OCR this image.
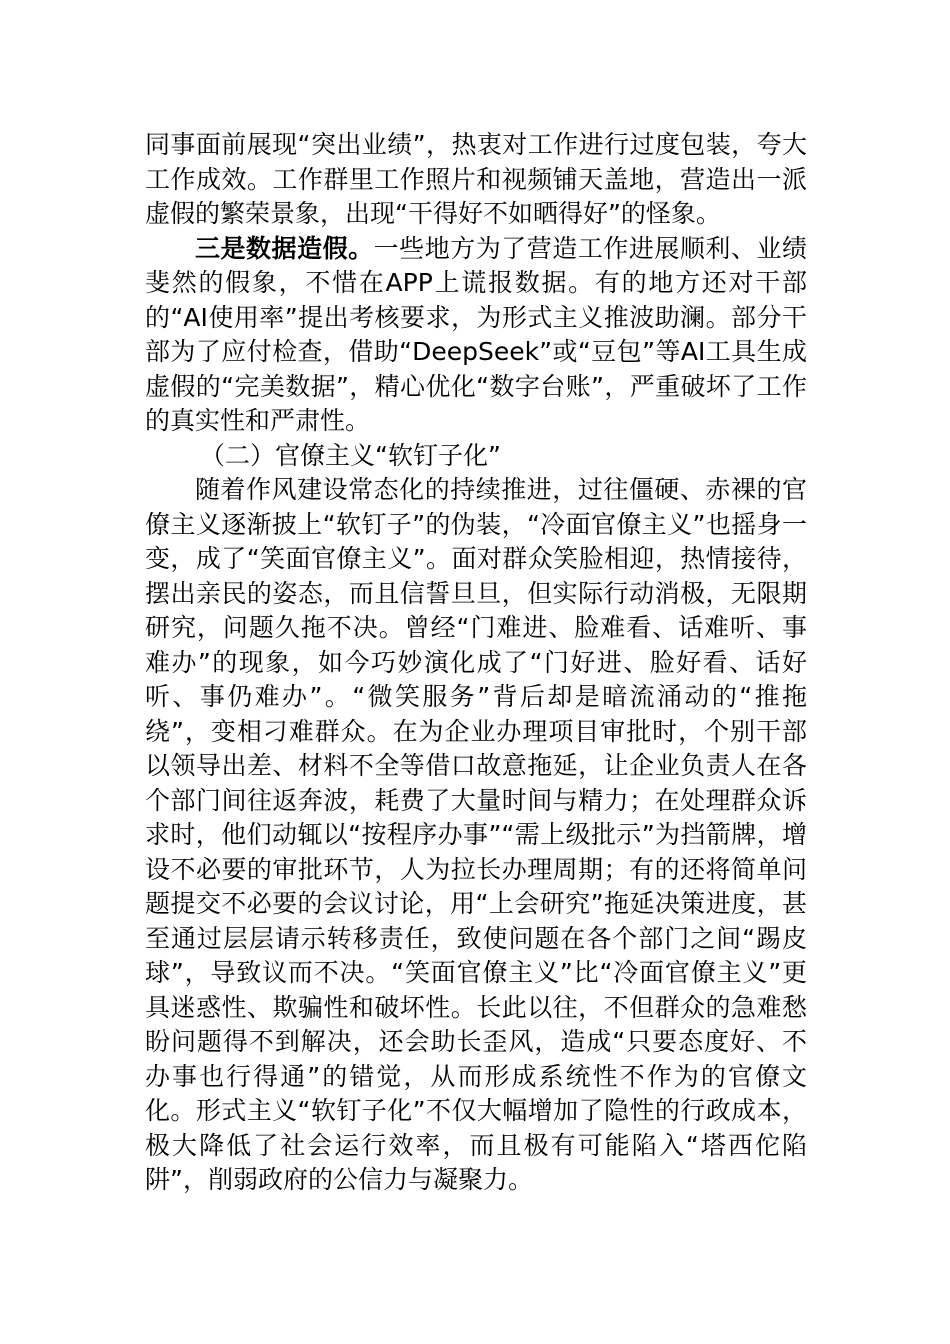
同事面前展现“突出业绩”，热衷对工作进行过度包装，夸大工作成效。工作群里工作照片和视频铺天盖地，营造出一派虚假的繁荣景象，出现“干得好不如晒得好”的怪象。

三是数据造假。一些地方为了营造工作进展顺利、业绩斐然的假象，不惜在APP上谎报数据。有的地方还对干部的“AI使用率”提出考核要求，为形式主义推波助澜。部分干部为了应付检查，借助“DeepSeek”或“豆包”等AI工具生成虚假的“完美数据”，精心优化“数字台账”，严重破坏了工作的真实性和严肃性。

（二）官僚主义“软钉子化”

随着作风建设常态化的持续推进，过往僵硬、赤裸的官僚主义逐渐披上“软钉子”的伪装，“冷面官僚主义”也摇身一变，成了“笑面官僚主义”。面对群众笑脸相迎，热情接待，摆出亲民的姿态，而且信誓旦旦，但实际行动消极，无限期研究，问题久拖不决。曾经“门难进、脸难看、话难听、事难办”的现象，如今巧妙演化成了“门好进、脸好看、话好听、事仍难办”。“微笑服务”背后却是暗流涌动的“推拖绕”，变相刁难群众。在为企业办理项目审批时，个别干部以领导出差、材料不全等借口故意拖延，让企业负责人在各个部门间往返奔波，耗费了大量时间与精力；在处理群众诉求时，他们动辄以“按程序办事”“需上级批示”为挡箭牌，增设不必要的审批环节，人为拉长办理周期；有的还将简单问题提交不必要的会议讨论，用“上会研究”拖延决策进度，甚至通过层层请示转移责任，致使问题在各个部门之间“踢皮球”，导致议而不决。“笑面官僚主义”比“冷面官僚主义”更具迷惑性、欺骗性和破坏性。长此以往，不但群众的急难愁盼问题得不到解决，还会助长歪风，造成“只要态度好、不办事也行得通”的错觉，从而形成系统性不作为的官僚文化。形式主义“软钉子化”不仅大幅增加了隐性的行政成本，极大降低了社会运行效率，而且极有可能陷入“塔西佗陷阱”，削弱政府的公信力与凝聚力。
